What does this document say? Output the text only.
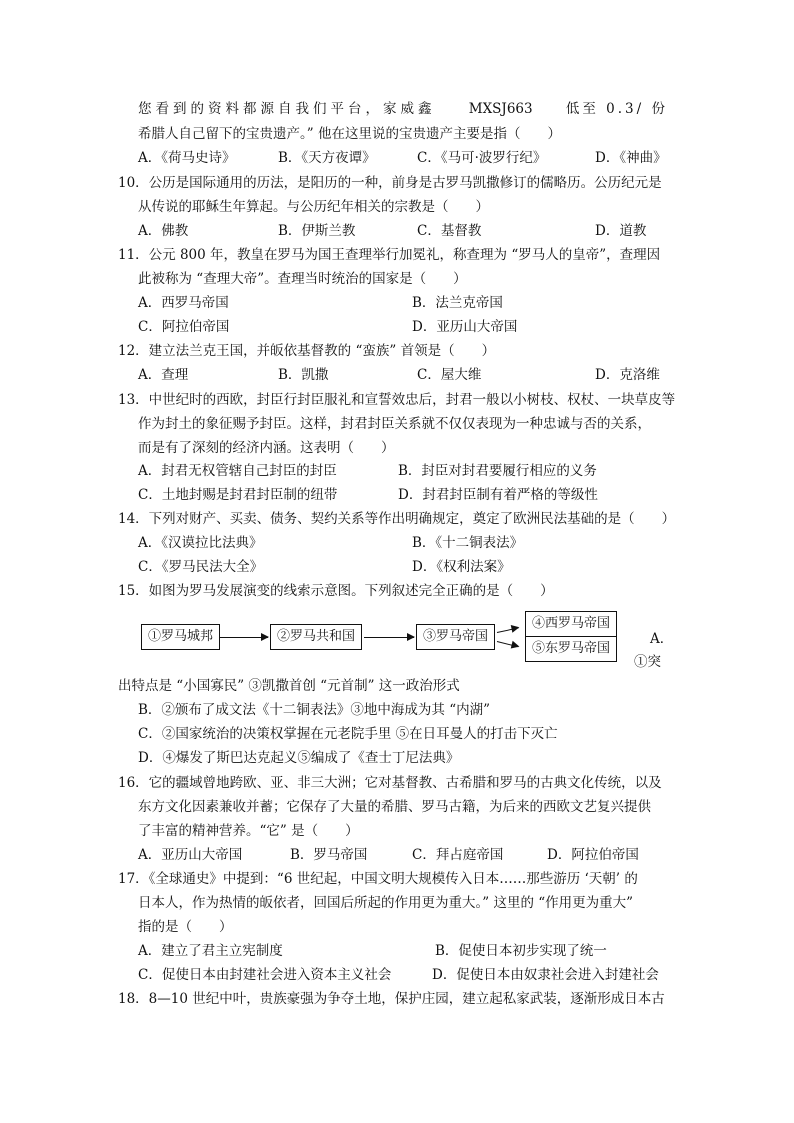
您看到的资料都源自我们平台，家威鑫 MXSJ663 低至 0.3/ 份
希腊人自己留下的宝贵遗产。” 他在这里说的宝贵遗产主要是指（　　）
A．《荷马史诗》	B．《天方夜谭》	C．《马可·波罗行纪》	D．《神曲》
10．公历是国际通用的历法，是阳历的一种，前身是古罗马凯撒修订的儒略历。公历纪元是
从传说的耶稣生年算起。与公历纪年相关的宗教是（　　）
A．佛教	B．伊斯兰教	C．基督教	D．道教
11．公元 800 年，教皇在罗马为国王查理举行加冕礼，称查理为 “罗马人的皇帝”，查理因
此被称为 “查理大帝”。查理当时统治的国家是（　　）
A．西罗马帝国	B．法兰克帝国
C．阿拉伯帝国	D．亚历山大帝国
12．建立法兰克王国，并皈依基督教的 “蛮族” 首领是（　　）
A．查理	B．凯撒	C．屋大维	D．克洛维
13．中世纪时的西欧，封臣行封臣服礼和宣誓效忠后，封君一般以小树枝、权杖、一块草皮等
作为封土的象征赐予封臣。这样，封君封臣关系就不仅仅表现为一种忠诚与否的关系，
而是有了深刻的经济内涵。这表明（　　）
A．封君无权管辖自己封臣的封臣	B．封臣对封君要履行相应的义务
C．土地封赐是封君封臣制的纽带	D．封君封臣制有着严格的等级性
14．下列对财产、买卖、债务、契约关系等作出明确规定，奠定了欧洲民法基础的是（　　）
A．《汉谟拉比法典》	B．《十二铜表法》
C．《罗马民法大全》	D．《权利法案》
15．如图为罗马发展演变的线索示意图。下列叙述完全正确的是（　　）
①罗马城邦	②罗马共和国	③罗马帝国
④西罗马帝国
⑤东罗马帝国
A．
①突
出特点是 “小国寡民” ③凯撒首创 “元首制” 这一政治形式
B．②颁布了成文法《十二铜表法》③地中海成为其 “内湖”
C．②国家统治的决策权掌握在元老院手里 ⑤在日耳曼人的打击下灭亡
D．④爆发了斯巴达克起义⑤编成了《查士丁尼法典》
16．它的疆域曾地跨欧、亚、非三大洲；它对基督教、古希腊和罗马的古典文化传统，以及
东方文化因素兼收并蓄；它保存了大量的希腊、罗马古籍，为后来的西欧文艺复兴提供
了丰富的精神营养。“它” 是（　　）
A．亚历山大帝国	B．罗马帝国	C．拜占庭帝国	D．阿拉伯帝国
17．《全球通史》中提到：“6 世纪起，中国文明大规模传入日本……那些游历 ‘天朝’ 的
日本人，作为热情的皈依者，回国后所起的作用更为重大。” 这里的 “作用更为重大”
指的是（　　）
A．建立了君主立宪制度	B．促使日本初步实现了统一
C．促使日本由封建社会进入资本主义社会	D．促使日本由奴隶社会进入封建社会
18．8—10 世纪中叶，贵族豪强为争夺土地，保护庄园，建立起私家武装，逐渐形成日本古
